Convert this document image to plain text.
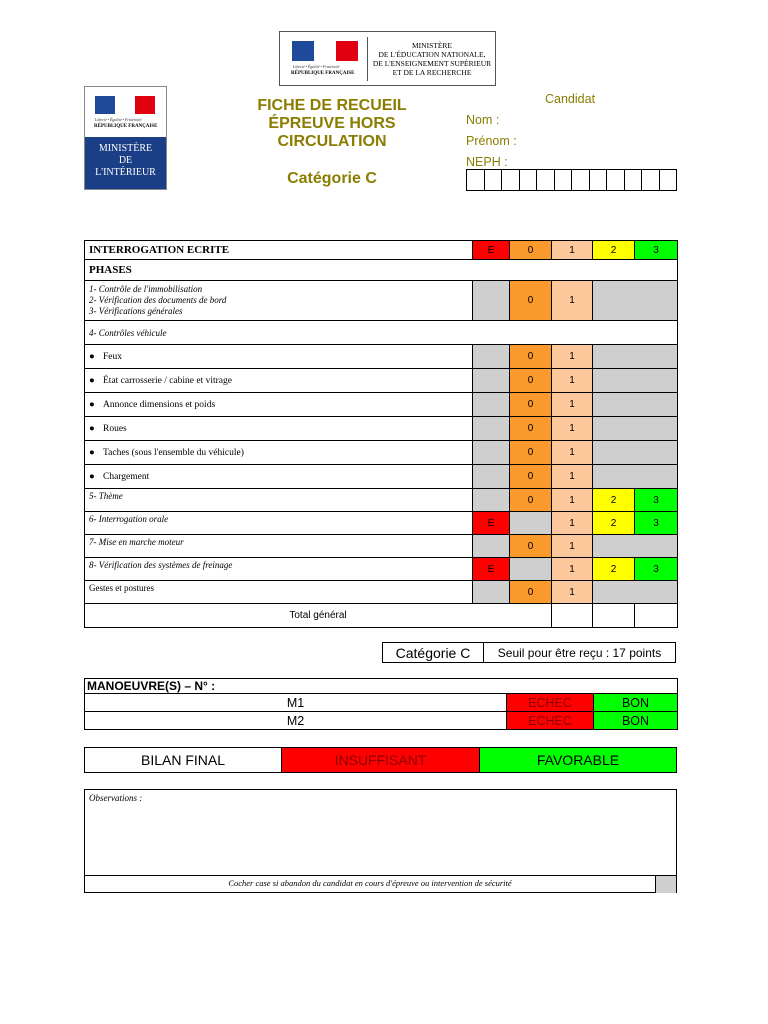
Liberté • Égalité • Fraternité
RÉPUBLIQUE FRANÇAISE
MINISTÈRE
DE L'ÉDUCATION NATIONALE,
DE L'ENSEIGNEMENT SUPÉRIEUR
ET DE LA RECHERCHE
Liberté • Égalité • Fraternité
RÉPUBLIQUE FRANÇAISE
MINISTÈRE
DE
L'INTÉRIEUR
FICHE DE RECUEIL
ÉPREUVE HORS
CIRCULATION
Catégorie C
Candidat
Nom :
Prénom :
NEPH :
INTERROGATION ECRITE	E	0	1	2	3
PHASES					

1- Contrôle de l'immobilisation
2- Vérification des documents de bord
3- Vérifications générales		0	1		
4- Contrôles véhicule					
● Feux		0	1		
● État carrosserie / cabine et vitrage		0	1		
● Annonce dimensions et poids		0	1		
● Roues		0	1		
● Taches (sous l'ensemble du véhicule)		0	1		
● Chargement		0	1		
5- Thème		0	1	2	3
6- Interrogation orale	E		1	2	3
7- Mise en marche moteur		0	1		
8- Vérification des systèmes de freinage	E		1	2	3
Gestes et postures		0	1		
Total général					
Catégorie C	Seuil pour être reçu : 17 points
MANOEUVRE(S) – N° :		
M1	ECHEC	BON
M2	ECHEC	BON
BILAN FINAL	INSUFFISANT	FAVORABLE
Observations :
Cocher case si abandon du candidat en cours d'épreuve ou intervention de sécurité
